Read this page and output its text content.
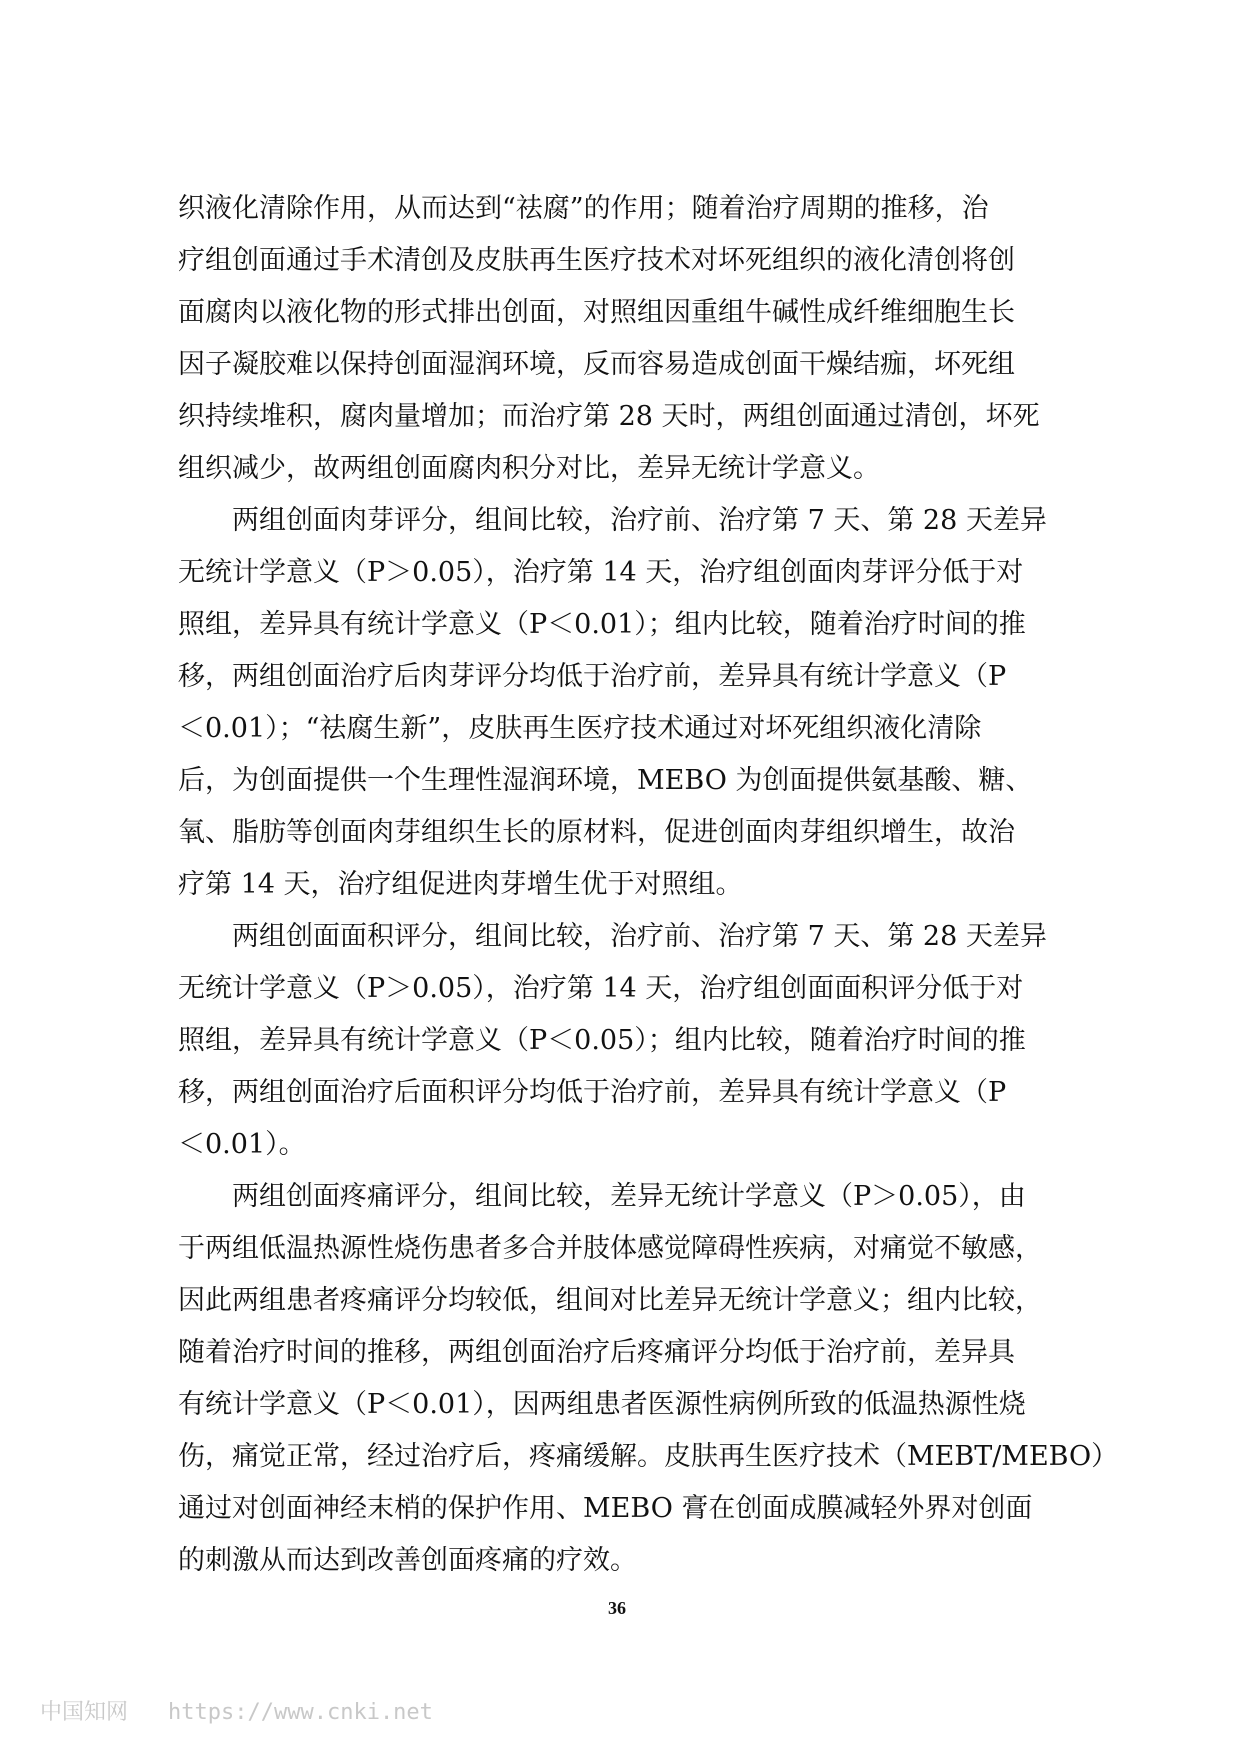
织液化清除作用，从而达到“祛腐”的作用；随着治疗周期的推移，治
疗组创面通过手术清创及皮肤再生医疗技术对坏死组织的液化清创将创
面腐肉以液化物的形式排出创面，对照组因重组牛碱性成纤维细胞生长
因子凝胶难以保持创面湿润环境，反而容易造成创面干燥结痂，坏死组
织持续堆积，腐肉量增加；而治疗第 28 天时，两组创面通过清创，坏死
组织减少，故两组创面腐肉积分对比，差异无统计学意义。
　　两组创面肉芽评分，组间比较，治疗前、治疗第 7 天、第 28 天差异
无统计学意义（P＞0.05），治疗第 14 天，治疗组创面肉芽评分低于对
照组，差异具有统计学意义（P＜0.01）；组内比较，随着治疗时间的推
移，两组创面治疗后肉芽评分均低于治疗前，差异具有统计学意义（P
＜0.01）；“祛腐生新”，皮肤再生医疗技术通过对坏死组织液化清除
后，为创面提供一个生理性湿润环境，MEBO 为创面提供氨基酸、糖、
氧、脂肪等创面肉芽组织生长的原材料，促进创面肉芽组织增生，故治
疗第 14 天，治疗组促进肉芽增生优于对照组。
　　两组创面面积评分，组间比较，治疗前、治疗第 7 天、第 28 天差异
无统计学意义（P＞0.05），治疗第 14 天，治疗组创面面积评分低于对
照组，差异具有统计学意义（P＜0.05）；组内比较，随着治疗时间的推
移，两组创面治疗后面积评分均低于治疗前，差异具有统计学意义（P
＜0.01）。
　　两组创面疼痛评分，组间比较，差异无统计学意义（P＞0.05），由
于两组低温热源性烧伤患者多合并肢体感觉障碍性疾病，对痛觉不敏感，
因此两组患者疼痛评分均较低，组间对比差异无统计学意义；组内比较，
随着治疗时间的推移，两组创面治疗后疼痛评分均低于治疗前，差异具
有统计学意义（P＜0.01），因两组患者医源性病例所致的低温热源性烧
伤，痛觉正常，经过治疗后，疼痛缓解。皮肤再生医疗技术（MEBT/MEBO）
通过对创面神经末梢的保护作用、MEBO 膏在创面成膜减轻外界对创面
的刺激从而达到改善创面疼痛的疗效。
36
中国知网 https://www.cnki.net
